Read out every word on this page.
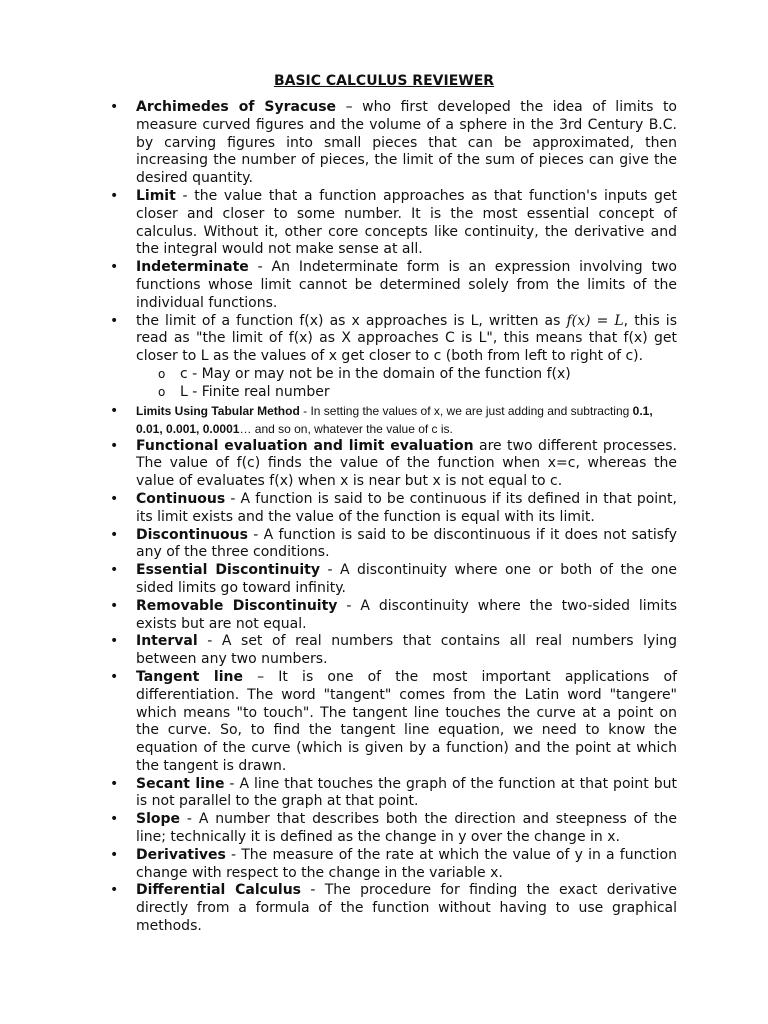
BASIC CALCULUS REVIEWER
• Archimedes of Syracuse – who first developed the idea of limits to measure curved figures and the volume of a sphere in the 3rd Century B.C. by carving figures into small pieces that can be approximated, then increasing the number of pieces, the limit of the sum of pieces can give the desired quantity.
• Limit - the value that a function approaches as that function's inputs get closer and closer to some number. It is the most essential concept of calculus. Without it, other core concepts like continuity, the derivative and the integral would not make sense at all.
• Indeterminate - An Indeterminate form is an expression involving two functions whose limit cannot be determined solely from the limits of the individual functions.
• the limit of a function f(x) as x approaches is L, written as f(x) = L, this is read as "the limit of f(x) as X approaches C is L", this means that f(x) get closer to L as the values of x get closer to c (both from left to right of c).
o c - May or may not be in the domain of the function f(x)
o L - Finite real number
• Limits Using Tabular Method - In setting the values of x, we are just adding and subtracting 0.1, 0.01, 0.001, 0.0001… and so on, whatever the value of c is.
• Functional evaluation and limit evaluation are two different processes. The value of f(c) finds the value of the function when x=c, whereas the value of evaluates f(x) when x is near but x is not equal to c.
• Continuous - A function is said to be continuous if its defined in that point, its limit exists and the value of the function is equal with its limit.
• Discontinuous - A function is said to be discontinuous if it does not satisfy any of the three conditions.
• Essential Discontinuity - A discontinuity where one or both of the one sided limits go toward infinity.
• Removable Discontinuity - A discontinuity where the two-sided limits exists but are not equal.
• Interval - A set of real numbers that contains all real numbers lying between any two numbers.
• Tangent line – It is one of the most important applications of differentiation. The word "tangent" comes from the Latin word "tangere" which means "to touch". The tangent line touches the curve at a point on the curve. So, to find the tangent line equation, we need to know the equation of the curve (which is given by a function) and the point at which the tangent is drawn.
• Secant line - A line that touches the graph of the function at that point but is not parallel to the graph at that point.
• Slope - A number that describes both the direction and steepness of the line; technically it is defined as the change in y over the change in x.
• Derivatives - The measure of the rate at which the value of y in a function change with respect to the change in the variable x.
• Differential Calculus - The procedure for finding the exact derivative directly from a formula of the function without having to use graphical methods.
